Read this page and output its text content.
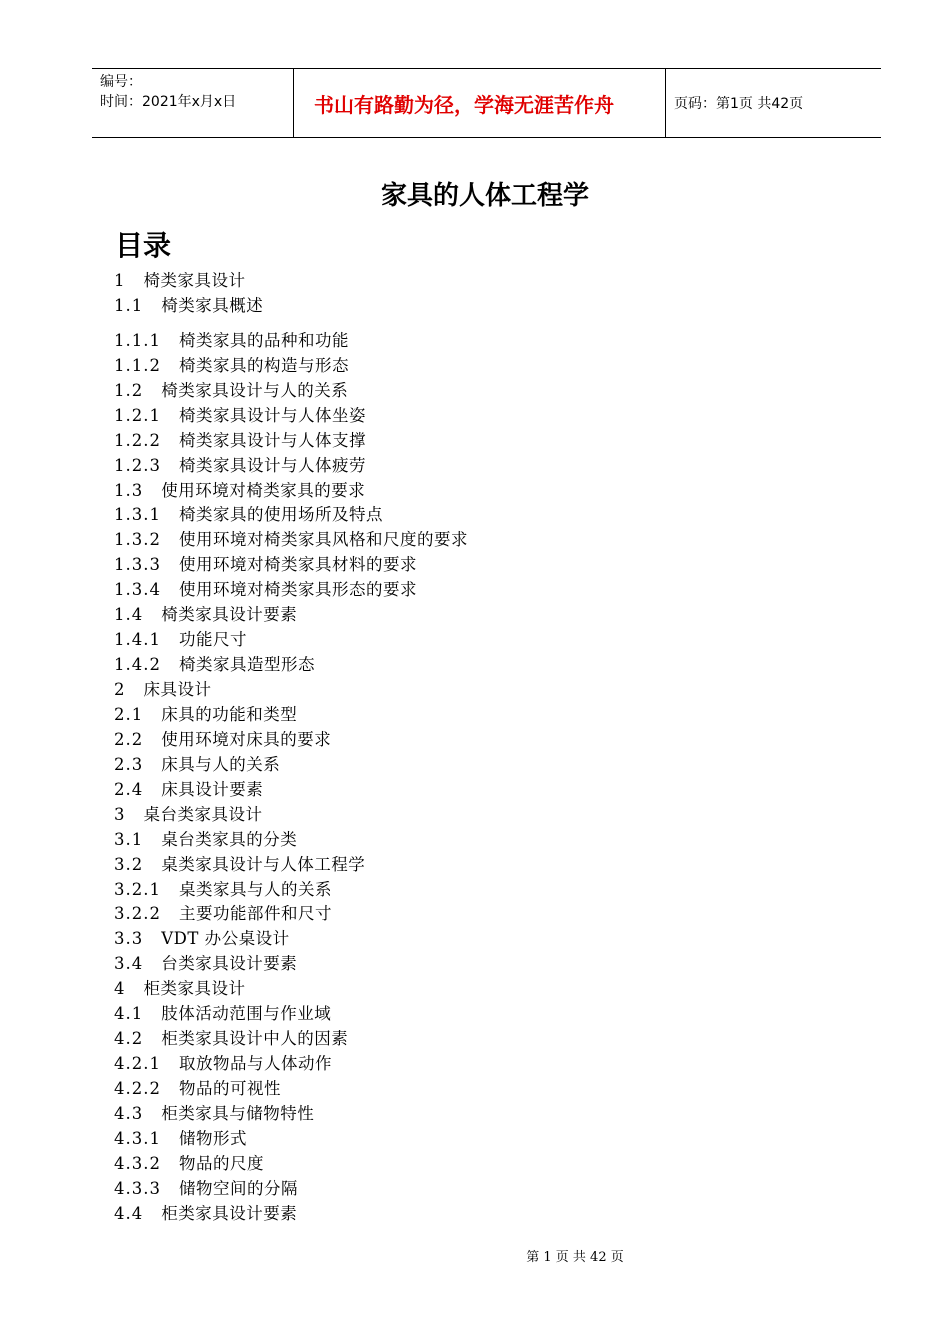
编号：
时间：2021年x月x日	书山有路勤为径，学海无涯苦作舟	页码：第1页 共42页
家具的人体工程学
目录
1 椅类家具设计
1.1 椅类家具概述
1.1.1 椅类家具的品种和功能
1.1.2 椅类家具的构造与形态
1.2 椅类家具设计与人的关系
1.2.1 椅类家具设计与人体坐姿
1.2.2 椅类家具设计与人体支撑
1.2.3 椅类家具设计与人体疲劳
1.3 使用环境对椅类家具的要求
1.3.1 椅类家具的使用场所及特点
1.3.2 使用环境对椅类家具风格和尺度的要求
1.3.3 使用环境对椅类家具材料的要求
1.3.4 使用环境对椅类家具形态的要求
1.4 椅类家具设计要素
1.4.1 功能尺寸
1.4.2 椅类家具造型形态
2 床具设计
2.1 床具的功能和类型
2.2 使用环境对床具的要求
2.3 床具与人的关系
2.4 床具设计要素
3 桌台类家具设计
3.1 桌台类家具的分类
3.2 桌类家具设计与人体工程学
3.2.1 桌类家具与人的关系
3.2.2 主要功能部件和尺寸
3.3 VDT 办公桌设计
3.4 台类家具设计要素
4 柜类家具设计
4.1 肢体活动范围与作业域
4.2 柜类家具设计中人的因素
4.2.1 取放物品与人体动作
4.2.2 物品的可视性
4.3 柜类家具与储物特性
4.3.1 储物形式
4.3.2 物品的尺度
4.3.3 储物空间的分隔
4.4 柜类家具设计要素
第 1 页 共 42 页
